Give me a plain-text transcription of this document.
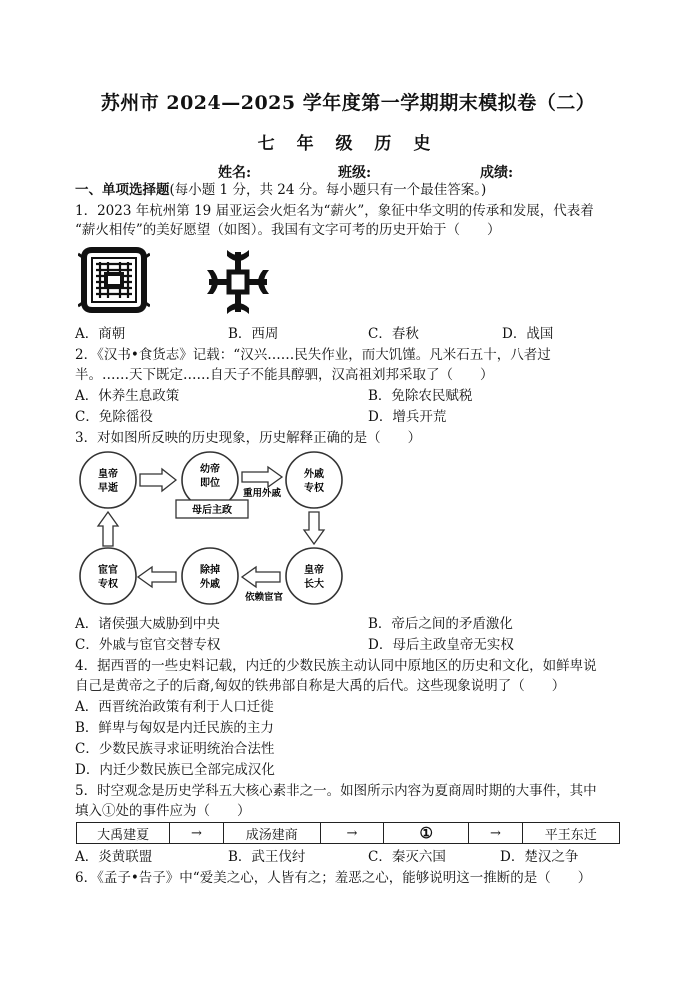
苏州市 2024—2025 学年度第一学期期末模拟卷（二）
七 年 级 历 史
姓名:	班级:	成绩:
一、单项选择题(每小题 1 分，共 24 分。每小题只有一个最佳答案。)
1．2023 年杭州第 19 届亚运会火炬名为“薪火”，象征中华文明的传承和发展，代表着
“薪火相传”的美好愿望（如图）。我国有文字可考的历史开始于（　　）
A．商朝	B．西周	C．春秋	D．战国
2．《汉书•食货志》记载：“汉兴……民失作业，而大饥馑。凡米石五十，八者过
半。……天下既定……自天子不能具醇驷，汉高祖刘邦采取了（　　）
A．休养生息政策	B．免除农民赋税
C．免除徭役	D．增兵开荒
3．对如图所反映的历史现象，历史解释正确的是（　　）
皇帝
早逝
幼帝
即位
外戚
专权
皇帝
长大
除掉
外戚
宦官
专权
母后主政
重用外戚
依赖宦官
A．诸侯强大威胁到中央	B．帝后之间的矛盾激化
C．外戚与宦官交替专权	D．母后主政皇帝无实权
4．据西晋的一些史料记载，内迁的少数民族主动认同中原地区的历史和文化，如鲜卑说
自己是黄帝之子的后裔,匈奴的铁弗部自称是大禹的后代。这些现象说明了（　　）
A．西晋统治政策有利于人口迁徙
B．鲜卑与匈奴是内迁民族的主力
C．少数民族寻求证明统治合法性
D．内迁少数民族已全部完成汉化
5．时空观念是历史学科五大核心素非之一。如图所示内容为夏商周时期的大事件，其中
填入①处的事件应为（　　）
大禹建夏	→	成汤建商	→	①	→	平王东迁
A．炎黄联盟	B．武王伐纣	C．秦灭六国	D．楚汉之争
6．《孟子•告子》中“爱美之心，人皆有之；羞恶之心，能够说明这一推断的是（　　）
